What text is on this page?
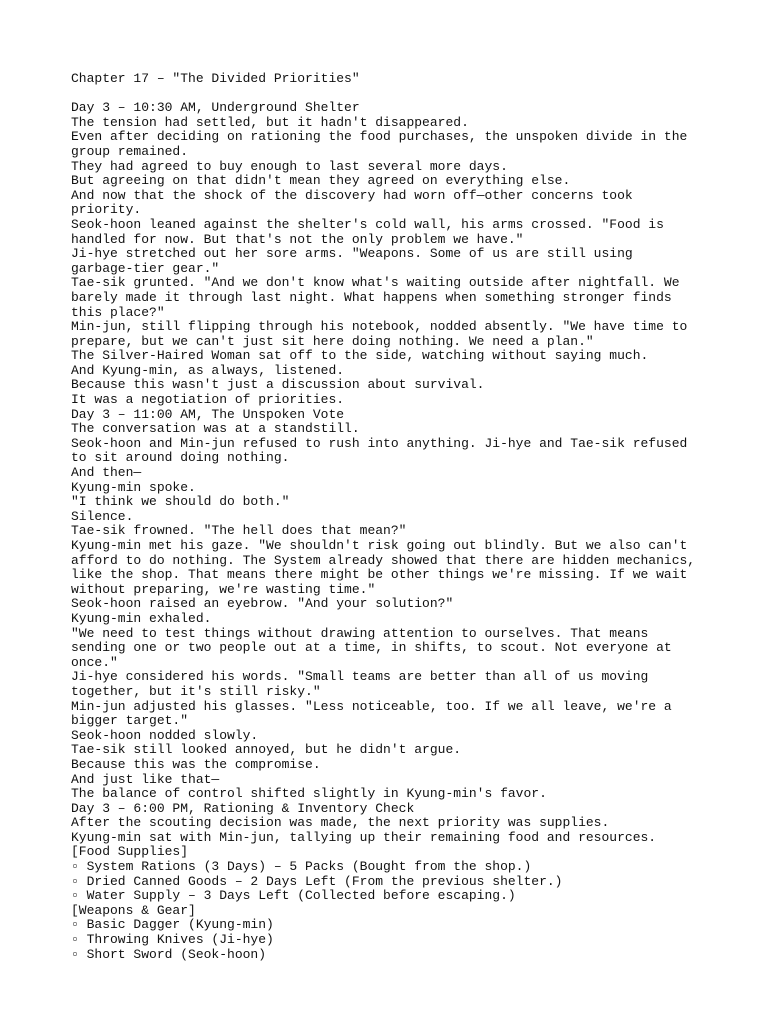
Chapter 17 – "The Divided Priorities"
Day 3 – 10:30 AM, Underground Shelter
The tension had settled, but it hadn't disappeared.
Even after deciding on rationing the food purchases, the unspoken divide in the group remained.
They had agreed to buy enough to last several more days.
But agreeing on that didn't mean they agreed on everything else.
And now that the shock of the discovery had worn off—other concerns took priority.
Seok-hoon leaned against the shelter's cold wall, his arms crossed. "Food is handled for now. But that's not the only problem we have."
Ji-hye stretched out her sore arms. "Weapons. Some of us are still using garbage-tier gear."
Tae-sik grunted. "And we don't know what's waiting outside after nightfall. We barely made it through last night. What happens when something stronger finds this place?"
Min-jun, still flipping through his notebook, nodded absently. "We have time to prepare, but we can't just sit here doing nothing. We need a plan."
The Silver-Haired Woman sat off to the side, watching without saying much.
And Kyung-min, as always, listened.
Because this wasn't just a discussion about survival.
It was a negotiation of priorities.
Day 3 – 11:00 AM, The Unspoken Vote
The conversation was at a standstill.
Seok-hoon and Min-jun refused to rush into anything. Ji-hye and Tae-sik refused to sit around doing nothing.
And then—
Kyung-min spoke.
"I think we should do both."
Silence.
Tae-sik frowned. "The hell does that mean?"
Kyung-min met his gaze. "We shouldn't risk going out blindly. But we also can't afford to do nothing. The System already showed that there are hidden mechanics, like the shop. That means there might be other things we're missing. If we wait without preparing, we're wasting time."
Seok-hoon raised an eyebrow. "And your solution?"
Kyung-min exhaled.
"We need to test things without drawing attention to ourselves. That means sending one or two people out at a time, in shifts, to scout. Not everyone at once."
Ji-hye considered his words. "Small teams are better than all of us moving together, but it's still risky."
Min-jun adjusted his glasses. "Less noticeable, too. If we all leave, we're a bigger target."
Seok-hoon nodded slowly.
Tae-sik still looked annoyed, but he didn't argue.
Because this was the compromise.
And just like that—
The balance of control shifted slightly in Kyung-min's favor.
Day 3 – 6:00 PM, Rationing & Inventory Check
After the scouting decision was made, the next priority was supplies.
Kyung-min sat with Min-jun, tallying up their remaining food and resources.
[Food Supplies]
▫ System Rations (3 Days) – 5 Packs (Bought from the shop.)
▫ Dried Canned Goods – 2 Days Left (From the previous shelter.)
▫ Water Supply – 3 Days Left (Collected before escaping.)
[Weapons & Gear]
▫ Basic Dagger (Kyung-min)
▫ Throwing Knives (Ji-hye)
▫ Short Sword (Seok-hoon)
